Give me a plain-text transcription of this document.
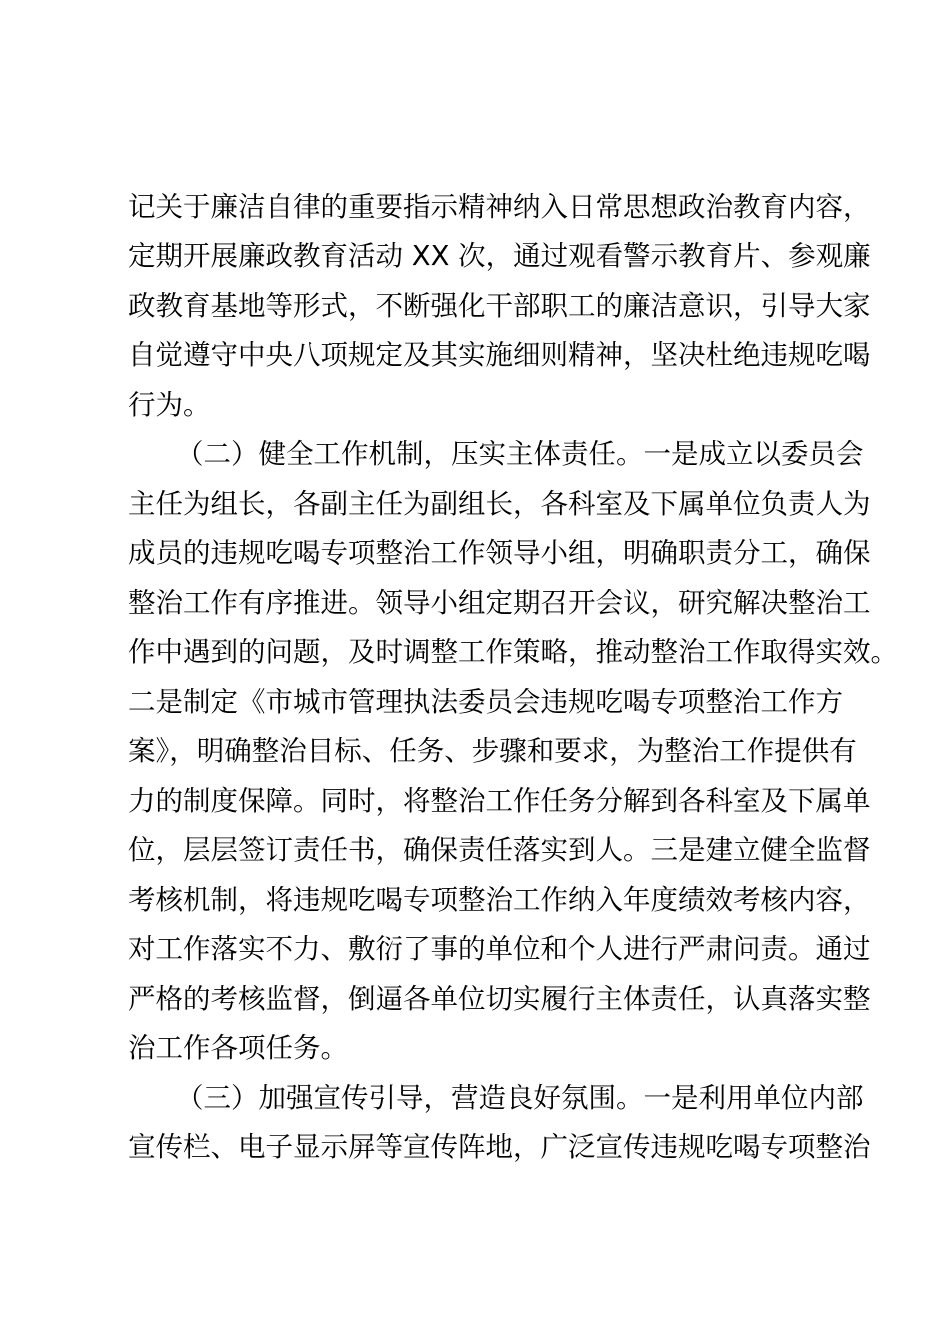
记关于廉洁自律的重要指示精神纳入日常思想政治教育内容，
定期开展廉政教育活动 XX 次，通过观看警示教育片、参观廉
政教育基地等形式，不断强化干部职工的廉洁意识，引导大家
自觉遵守中央八项规定及其实施细则精神，坚决杜绝违规吃喝
行为。
（二）健全工作机制，压实主体责任。一是成立以委员会
主任为组长，各副主任为副组长，各科室及下属单位负责人为
成员的违规吃喝专项整治工作领导小组，明确职责分工，确保
整治工作有序推进。领导小组定期召开会议，研究解决整治工
作中遇到的问题，及时调整工作策略，推动整治工作取得实效。
二是制定《市城市管理执法委员会违规吃喝专项整治工作方
案》，明确整治目标、任务、步骤和要求，为整治工作提供有
力的制度保障。同时，将整治工作任务分解到各科室及下属单
位，层层签订责任书，确保责任落实到人。三是建立健全监督
考核机制，将违规吃喝专项整治工作纳入年度绩效考核内容，
对工作落实不力、敷衍了事的单位和个人进行严肃问责。通过
严格的考核监督，倒逼各单位切实履行主体责任，认真落实整
治工作各项任务。
（三）加强宣传引导，营造良好氛围。一是利用单位内部
宣传栏、电子显示屏等宣传阵地，广泛宣传违规吃喝专项整治
